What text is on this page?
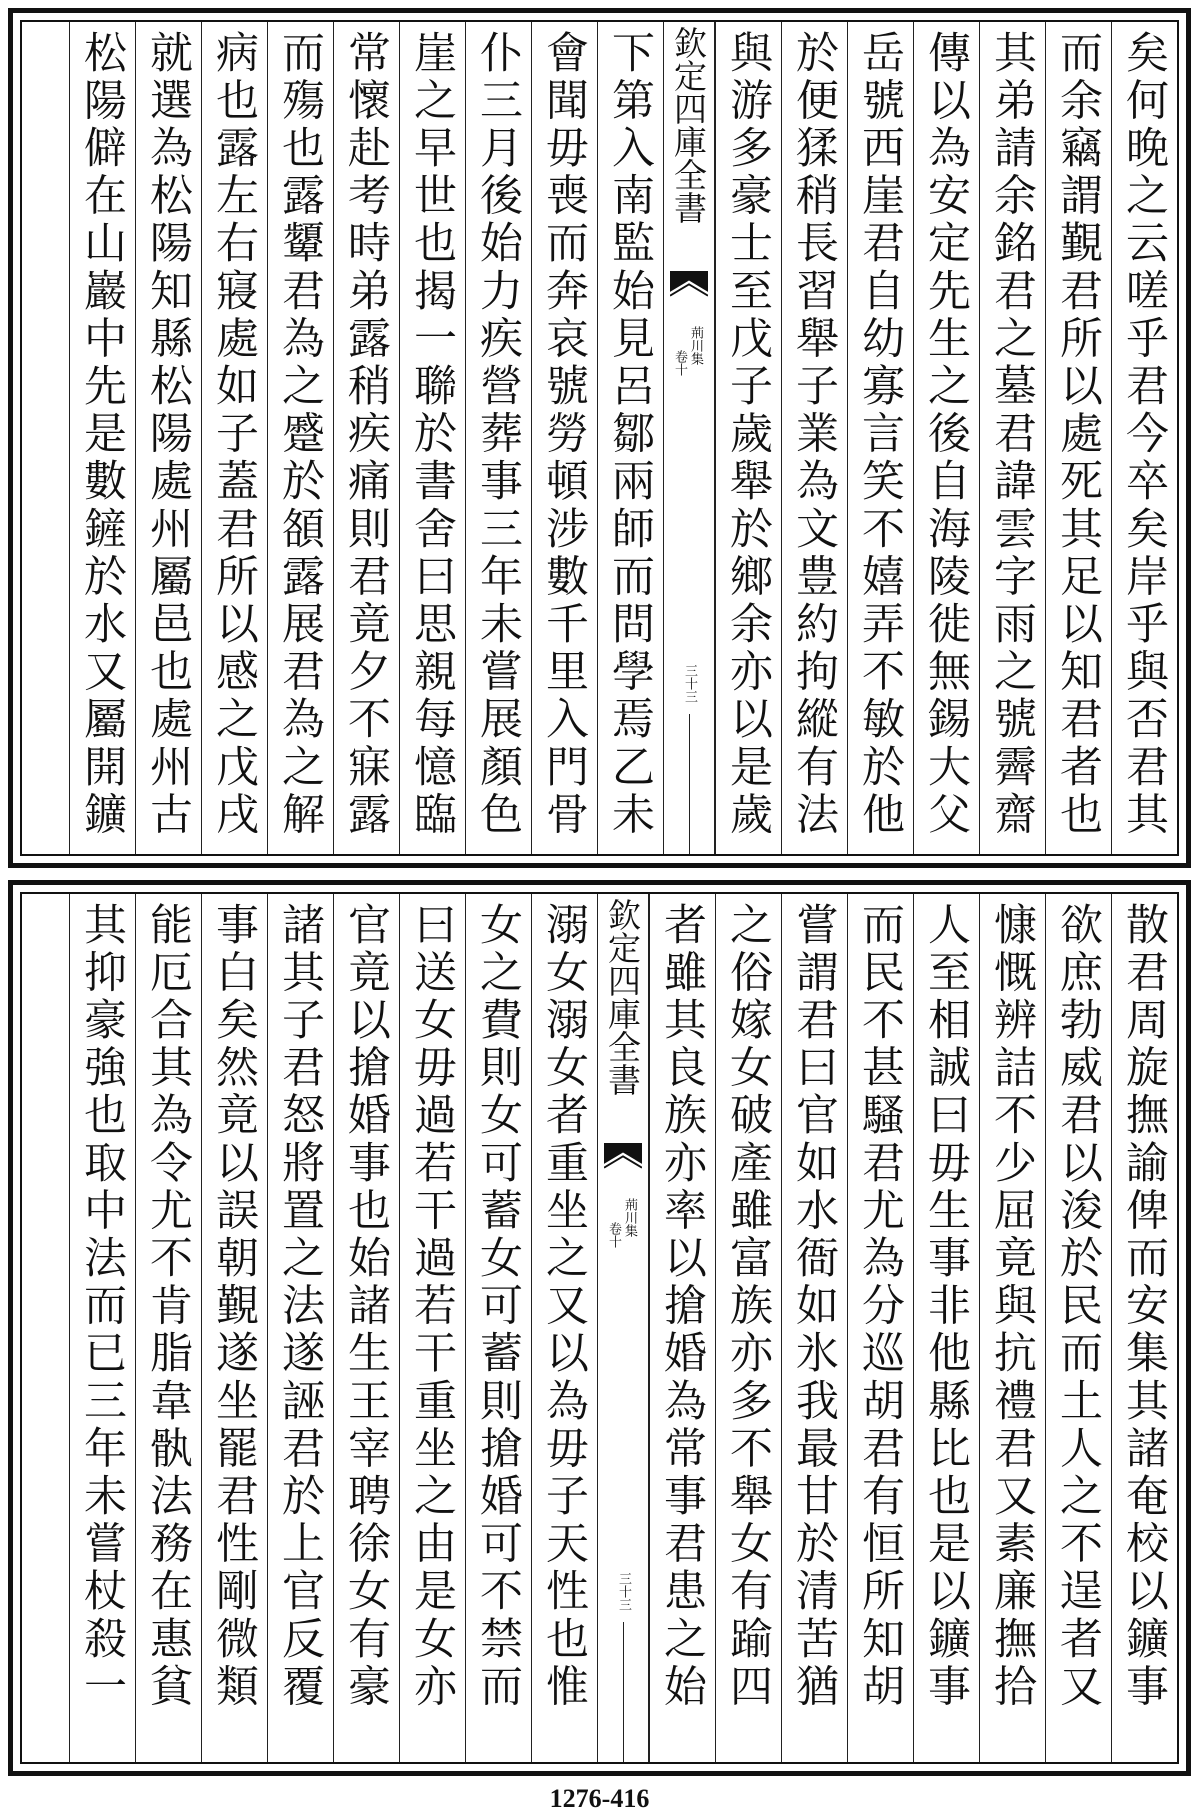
矣何晚之云嗟乎君今卒矣岸乎與否君其
而余竊謂覲君所以處死其足以知君者也
其弟請余銘君之墓君諱雲字雨之號霽齋
傳以為安定先生之後自海陵徙無錫大父
岳號西崖君自幼寡言笑不嬉弄不敏於他
於便猱稍長習舉子業為文豊約拘縱有法
與游多豪士至戊子歲舉於鄉余亦以是歲
欽定四庫全書
荊川集
卷十
三十三
下第入南監始見呂鄒兩師而問學焉乙未
會聞毋喪而奔哀號勞頓涉數千里入門骨
仆三月後始力疾營葬事三年未嘗展顏色
崖之早世也揭一聯於書舍曰思親每憶臨
常懷赴考時弟露稍疾痛則君竟夕不寐露
而殤也露顰君為之蹙於頟露展君為之解
病也露左右寢處如子蓋君所以感之戊戌
就選為松陽知縣松陽處州屬邑也處州古
松陽僻在山巖中先是數鏟於水又屬開鑛
散君周旋撫諭俾而安集其諸奄校以鑛事
欲庶勃威君以浚於民而土人之不逞者又
慷慨辨詰不少屈竟與抗禮君又素廉撫拾
人至相誠曰毋生事非他縣比也是以鑛事
而民不甚騷君尤為分巡胡君有恒所知胡
嘗謂君曰官如水衙如氷我最甘於清苦猶
之俗嫁女破產雖富族亦多不舉女有踰四
者雖其良族亦率以搶婚為常事君患之始
欽定四庫全書
荊川集
卷十
三十三
溺女溺女者重坐之又以為毋子天性也惟
女之費則女可蓄女可蓄則搶婚可不禁而
曰送女毋過若干過若干重坐之由是女亦
官竟以搶婚事也始諸生王宰聘徐女有豪
諸其子君怒將置之法遂誣君於上官反覆
事白矣然竟以誤朝覲遂坐罷君性剛微類
能厄合其為令尤不肯脂韋骫法務在惠貧
其抑豪強也取中法而已三年未嘗杖殺一
1276-416
